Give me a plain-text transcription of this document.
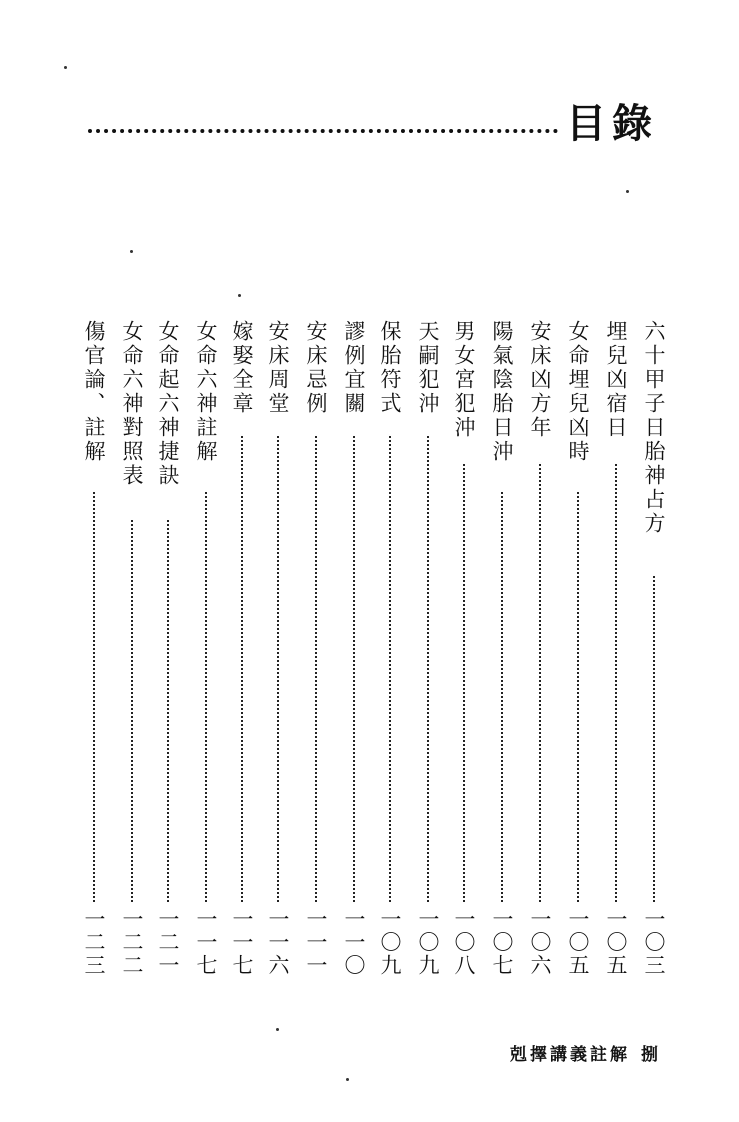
目錄
六十甲子日胎神占方
一〇三
埋兒凶宿日
一〇五
女命埋兒凶時
一〇五
安床凶方年
一〇六
陽氣陰胎日沖
一〇七
男女宮犯沖
一〇八
天嗣犯沖
一〇九
保胎符式
一〇九
謬例宜關
一一〇
安床忌例
一一一
安床周堂
一一六
嫁娶全章
一一七
女命六神註解
一一七
女命起六神捷訣
一二一
女命六神對照表
一二二
傷官論、註解
一二三
剋擇講義註解 捌
